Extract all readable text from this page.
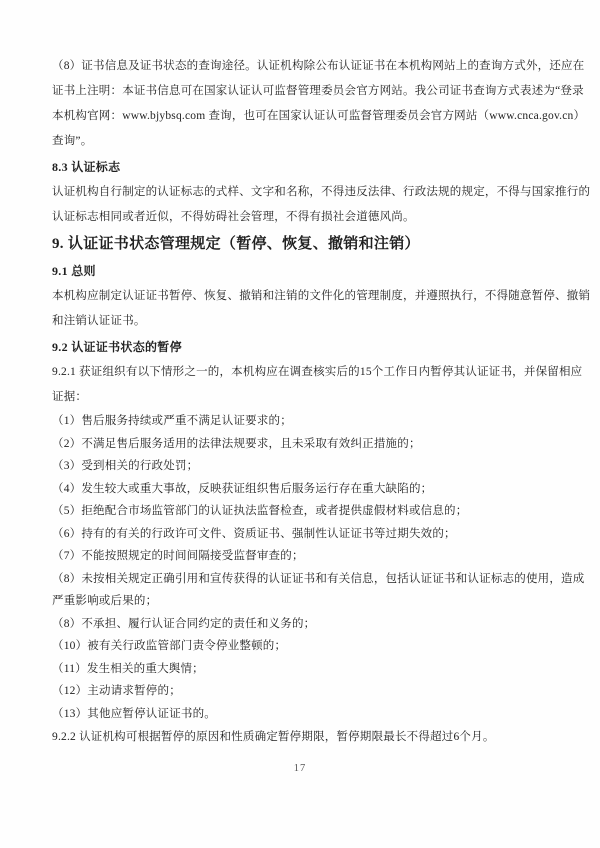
（8）证书信息及证书状态的查询途径。认证机构除公布认证证书在本机构网站上的查询方式外，还应在
证书上注明：本证书信息可在国家认证认可监督管理委员会官方网站。我公司证书查询方式表述为“登录
本机构官网：www.bjybsq.com 查询，也可在国家认证认可监督管理委员会官方网站（www.cnca.gov.cn）
查询”。
8.3 认证标志
认证机构自行制定的认证标志的式样、文字和名称，不得违反法律、行政法规的规定，不得与国家推行的
认证标志相同或者近似，不得妨碍社会管理，不得有损社会道德风尚。
9. 认证证书状态管理规定（暂停、恢复、撤销和注销）
9.1 总则
本机构应制定认证证书暂停、恢复、撤销和注销的文件化的管理制度，并遵照执行，不得随意暂停、撤销
和注销认证证书。
9.2 认证证书状态的暂停
9.2.1 获证组织有以下情形之一的，本机构应在调查核实后的15个工作日内暂停其认证证书，并保留相应
证据：
（1）售后服务持续或严重不满足认证要求的；
（2）不满足售后服务适用的法律法规要求，且未采取有效纠正措施的；
（3）受到相关的行政处罚；
（4）发生较大或重大事故，反映获证组织售后服务运行存在重大缺陷的；
（5）拒绝配合市场监管部门的认证执法监督检查，或者提供虚假材料或信息的；
（6）持有的有关的行政许可文件、资质证书、强制性认证证书等过期失效的；
（7）不能按照规定的时间间隔接受监督审查的；
（8）未按相关规定正确引用和宣传获得的认证证书和有关信息，包括认证证书和认证标志的使用，造成
严重影响或后果的；
（8）不承担、履行认证合同约定的责任和义务的；
（10）被有关行政监管部门责令停业整顿的；
（11）发生相关的重大舆情；
（12）主动请求暂停的；
（13）其他应暂停认证证书的。
9.2.2 认证机构可根据暂停的原因和性质确定暂停期限，暂停期限最长不得超过6个月。
17
